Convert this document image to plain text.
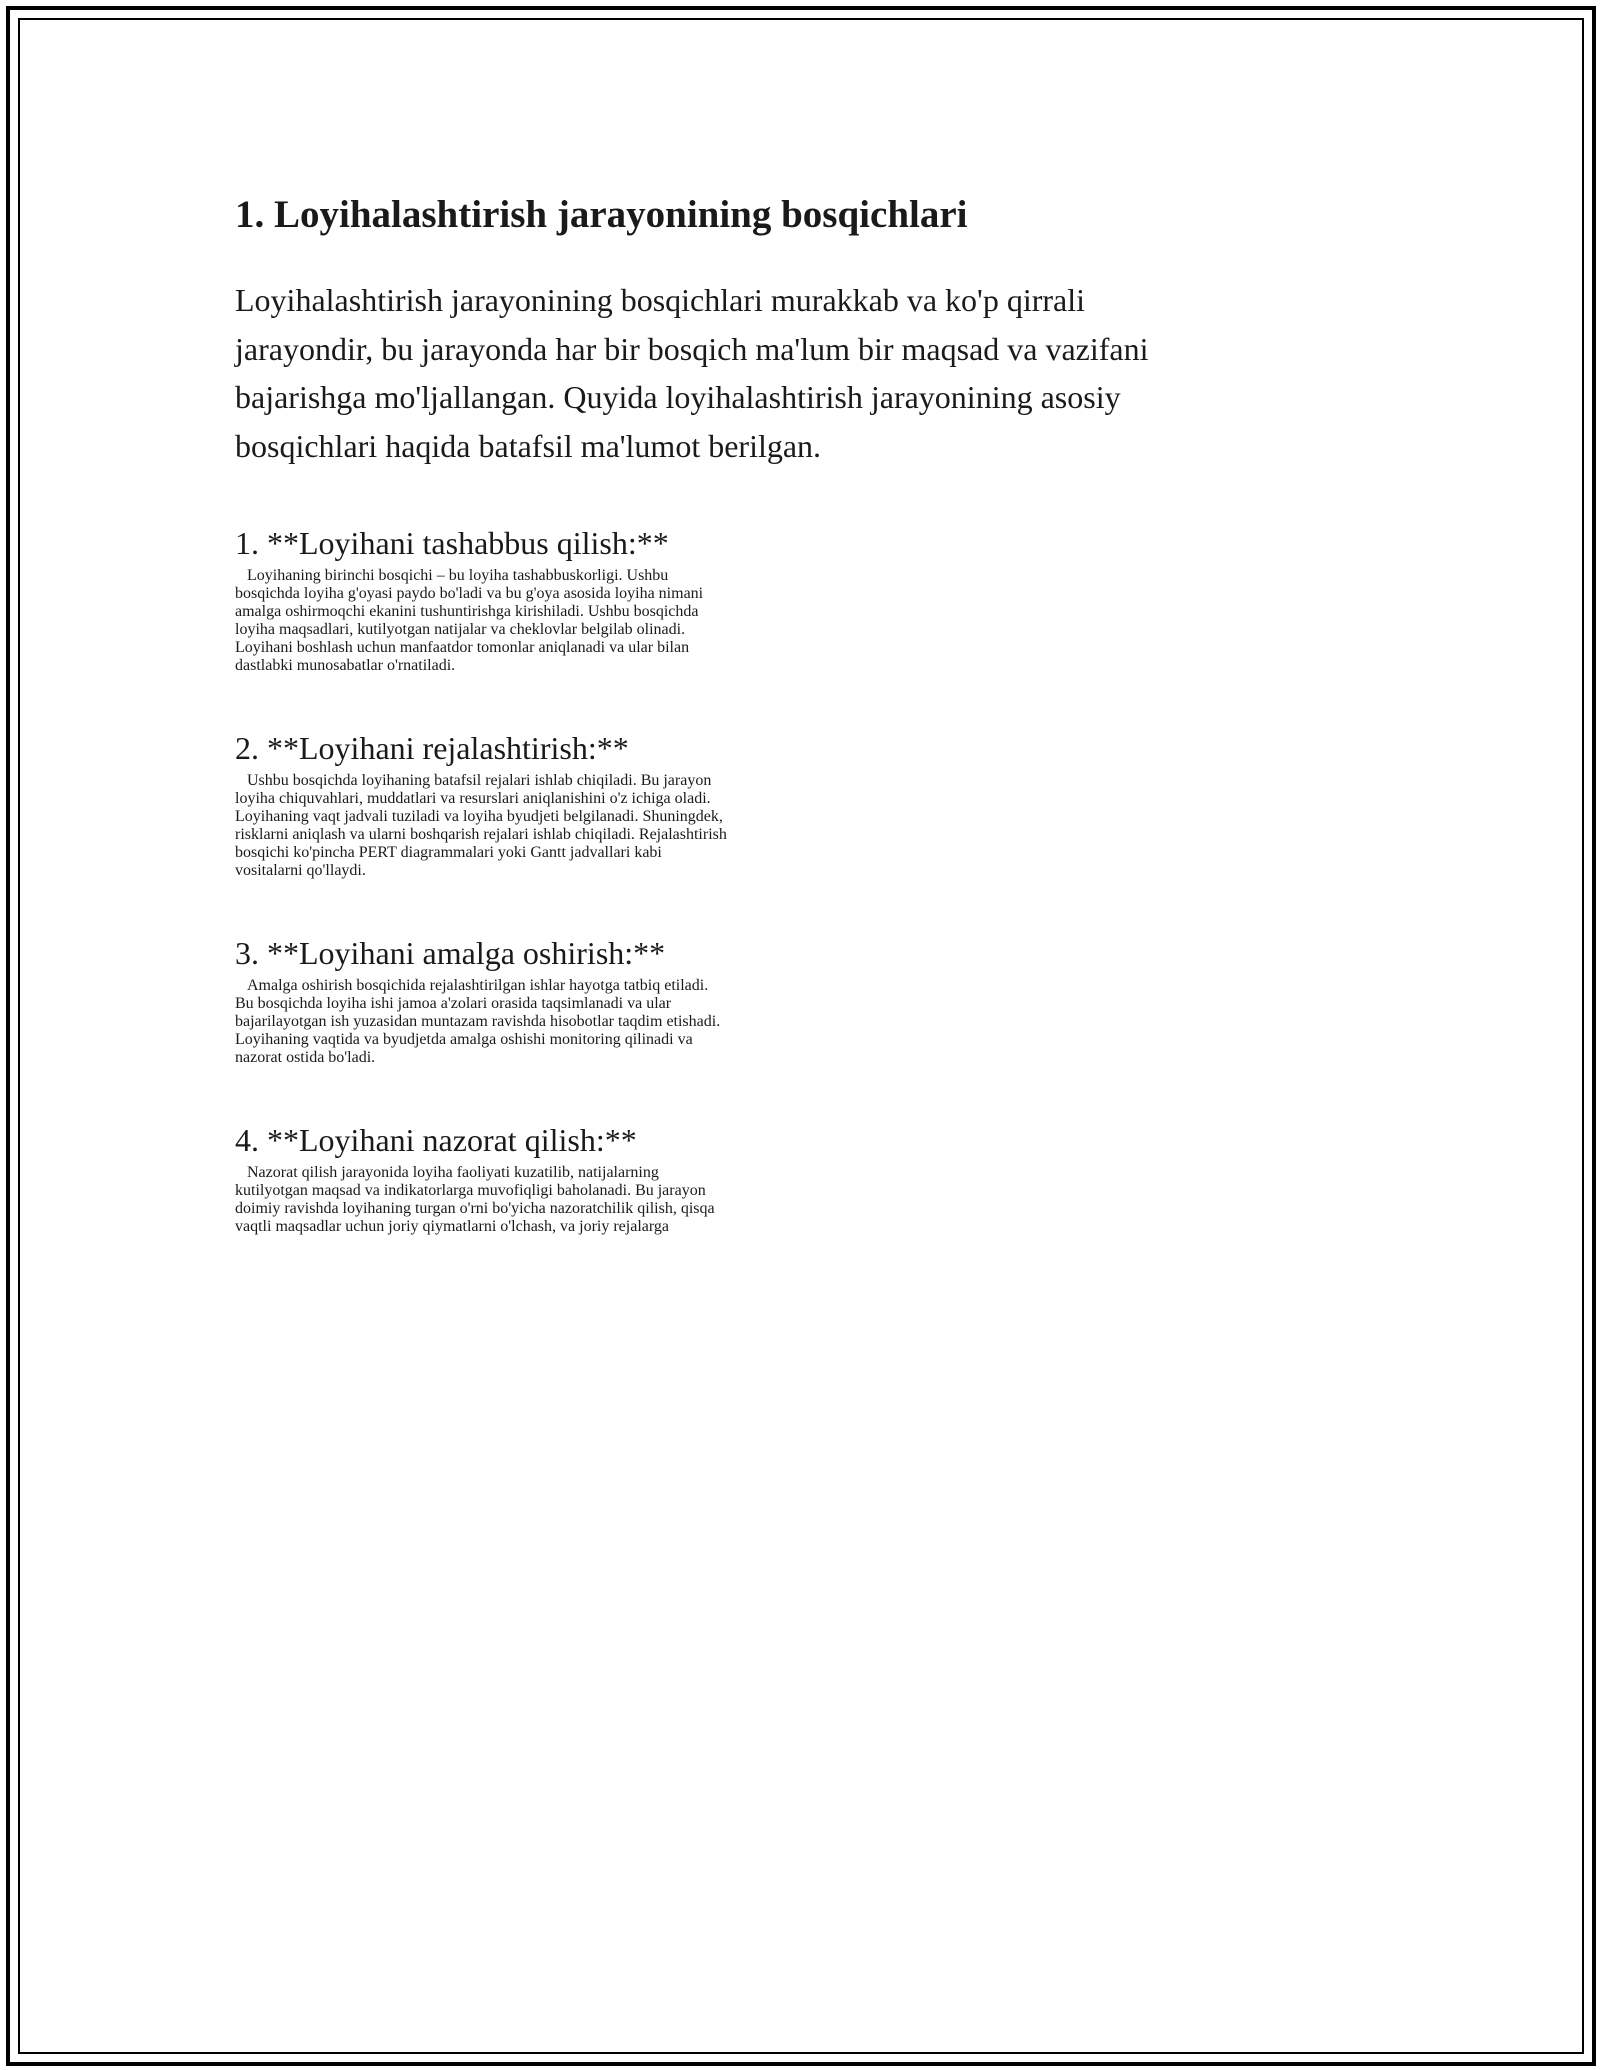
1. Loyihalashtirish jarayonining bosqichlari

Loyihalashtirish jarayonining bosqichlari murakkab va ko'p qirrali
jarayondir, bu jarayonda har bir bosqich ma'lum bir maqsad va vazifani
bajarishga mo'ljallangan. Quyida loyihalashtirish jarayonining asosiy
bosqichlari haqida batafsil ma'lumot berilgan.

1. **Loyihani tashabbus qilish:**
Loyihaning birinchi bosqichi – bu loyiha tashabbuskorligi. Ushbu
bosqichda loyiha g'oyasi paydo bo'ladi va bu g'oya asosida loyiha nimani
amalga oshirmoqchi ekanini tushuntirishga kirishiladi. Ushbu bosqichda
loyiha maqsadlari, kutilyotgan natijalar va cheklovlar belgilab olinadi.
Loyihani boshlash uchun manfaatdor tomonlar aniqlanadi va ular bilan
dastlabki munosabatlar o'rnatiladi.
2. **Loyihani rejalashtirish:**
Ushbu bosqichda loyihaning batafsil rejalari ishlab chiqiladi. Bu jarayon
loyiha chiquvahlari, muddatlari va resurslari aniqlanishini o'z ichiga oladi.
Loyihaning vaqt jadvali tuziladi va loyiha byudjeti belgilanadi. Shuningdek,
risklarni aniqlash va ularni boshqarish rejalari ishlab chiqiladi. Rejalashtirish
bosqichi ko'pincha PERT diagrammalari yoki Gantt jadvallari kabi
vositalarni qo'llaydi.
3. **Loyihani amalga oshirish:**
Amalga oshirish bosqichida rejalashtirilgan ishlar hayotga tatbiq etiladi.
Bu bosqichda loyiha ishi jamoa a'zolari orasida taqsimlanadi va ular
bajarilayotgan ish yuzasidan muntazam ravishda hisobotlar taqdim etishadi.
Loyihaning vaqtida va byudjetda amalga oshishi monitoring qilinadi va
nazorat ostida bo'ladi.
4. **Loyihani nazorat qilish:**
Nazorat qilish jarayonida loyiha faoliyati kuzatilib, natijalarning
kutilyotgan maqsad va indikatorlarga muvofiqligi baholanadi. Bu jarayon
doimiy ravishda loyihaning turgan o'rni bo'yicha nazoratchilik qilish, qisqa
vaqtli maqsadlar uchun joriy qiymatlarni o'lchash, va joriy rejalarga
